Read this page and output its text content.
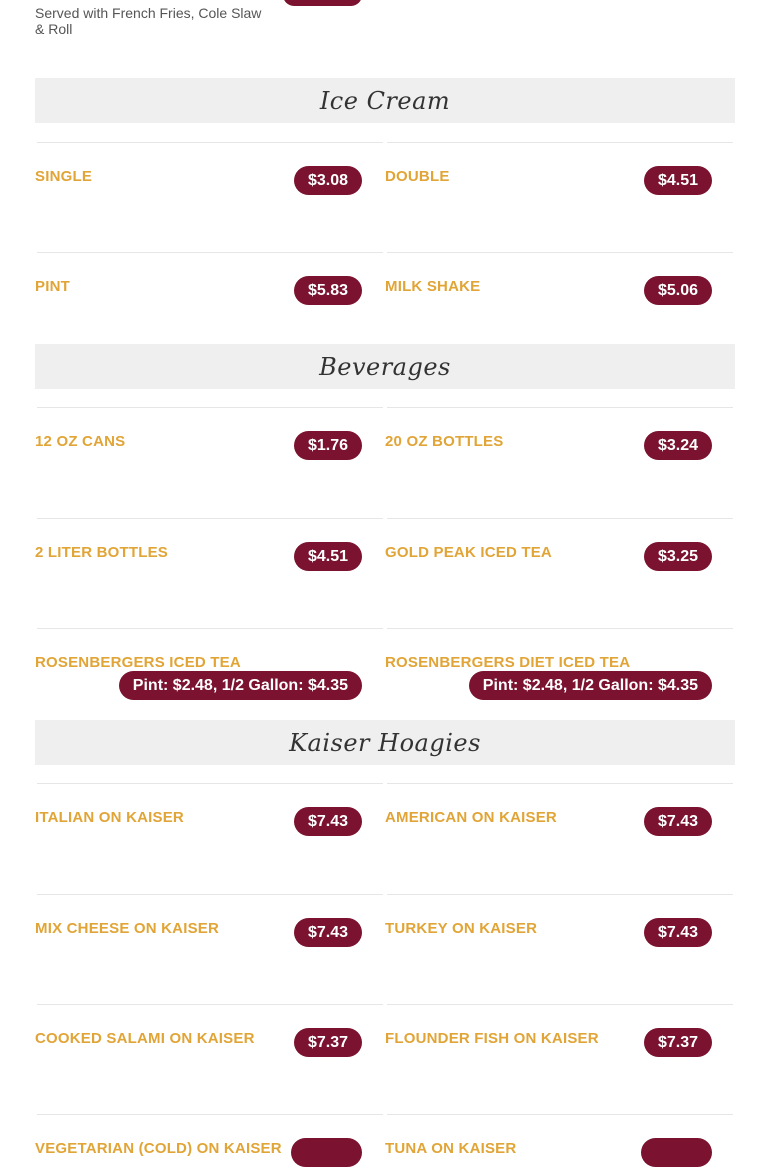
Served with French Fries, Cole Slaw & Roll
Ice Cream
SINGLE	$3.08	DOUBLE	$4.51
PINT	$5.83	MILK SHAKE	$5.06
Beverages
12 OZ CANS	$1.76	20 OZ BOTTLES	$3.24
2 LITER BOTTLES	$4.51	GOLD PEAK ICED TEA	$3.25
ROSENBERGERS ICED TEA
Pint: $2.48, 1/2 Gallon: $4.35
ROSENBERGERS DIET ICED TEA
Pint: $2.48, 1/2 Gallon: $4.35
Kaiser Hoagies
ITALIAN ON KAISER	$7.43	AMERICAN ON KAISER	$7.43
MIX CHEESE ON KAISER	$7.43	TURKEY ON KAISER	$7.43
COOKED SALAMI ON KAISER	$7.37	FLOUNDER FISH ON KAISER	$7.37
VEGETARIAN (COLD) ON KAISER	TUNA ON KAISER
